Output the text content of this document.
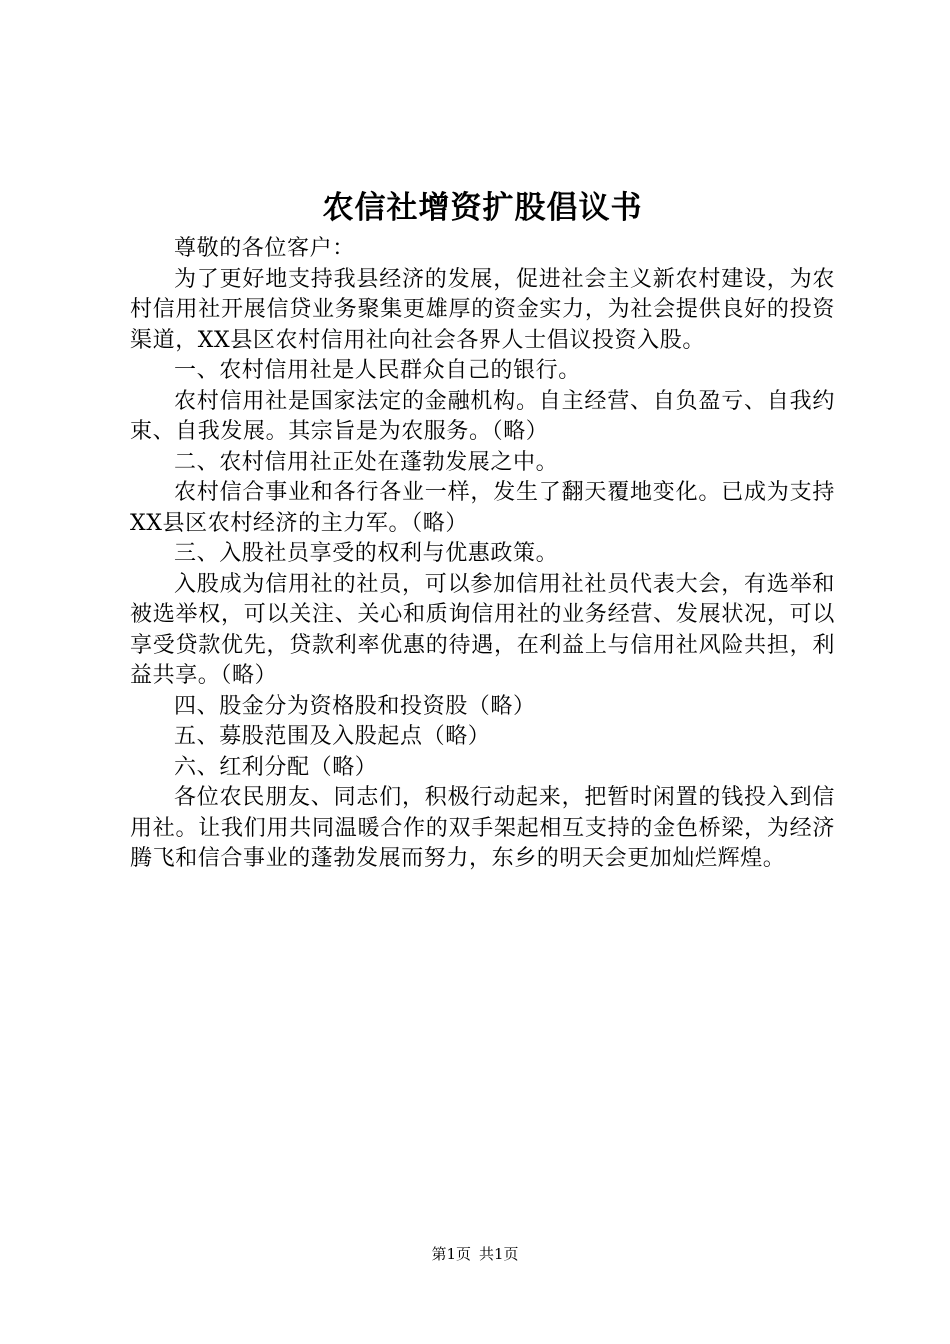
农信社增资扩股倡议书

尊敬的各位客户：

为了更好地支持我县经济的发展，促进社会主义新农村建设，为农村信用社开展信贷业务聚集更雄厚的资金实力，为社会提供良好的投资渠道，XX县区农村信用社向社会各界人士倡议投资入股。

一、农村信用社是人民群众自己的银行。

农村信用社是国家法定的金融机构。自主经营、自负盈亏、自我约束、自我发展。其宗旨是为农服务。（略）

二、农村信用社正处在蓬勃发展之中。

农村信合事业和各行各业一样，发生了翻天覆地变化。已成为支持XX县区农村经济的主力军。（略）

三、入股社员享受的权利与优惠政策。

入股成为信用社的社员，可以参加信用社社员代表大会，有选举和被选举权，可以关注、关心和质询信用社的业务经营、发展状况，可以享受贷款优先，贷款利率优惠的待遇，在利益上与信用社风险共担，利益共享。（略）

四、股金分为资格股和投资股（略）

五、募股范围及入股起点（略）

六、红利分配（略）

各位农民朋友、同志们，积极行动起来，把暂时闲置的钱投入到信用社。让我们用共同温暖合作的双手架起相互支持的金色桥梁，为经济腾飞和信合事业的蓬勃发展而努力，东乡的明天会更加灿烂辉煌。

第1页 共1页
